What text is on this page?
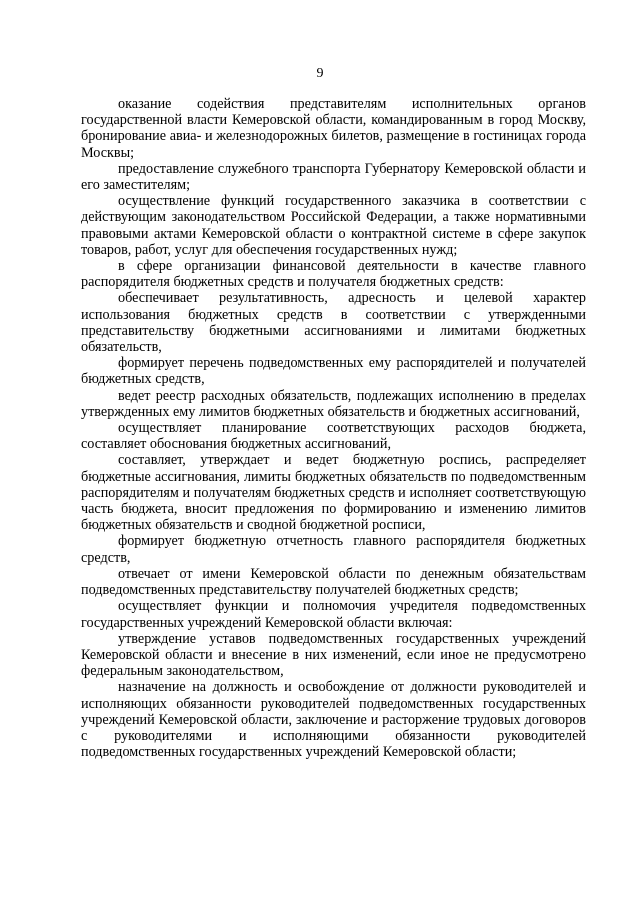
9

оказание содействия представителям исполнительных органов государственной власти Кемеровской области, командированным в город Москву, бронирование авиа- и железнодорожных билетов, размещение в гостиницах города Москвы;

предоставление служебного транспорта Губернатору Кемеровской области и его заместителям;

осуществление функций государственного заказчика в соответствии с действующим законодательством Российской Федерации, а также нормативными правовыми актами Кемеровской области о контрактной системе в сфере закупок товаров, работ, услуг для обеспечения государственных нужд;

в сфере организации финансовой деятельности в качестве главного распорядителя бюджетных средств и получателя бюджетных средств:

обеспечивает результативность, адресность и целевой характер использования бюджетных средств в соответствии с утвержденными представительству бюджетными ассигнованиями и лимитами бюджетных обязательств,

формирует перечень подведомственных ему распорядителей и получателей бюджетных средств,

ведет реестр расходных обязательств, подлежащих исполнению в пределах утвержденных ему лимитов бюджетных обязательств и бюджетных ассигнований,

осуществляет планирование соответствующих расходов бюджета, составляет обоснования бюджетных ассигнований,

составляет, утверждает и ведет бюджетную роспись, распределяет бюджетные ассигнования, лимиты бюджетных обязательств по подведомственным распорядителям и получателям бюджетных средств и исполняет соответствующую часть бюджета, вносит предложения по формированию и изменению лимитов бюджетных обязательств и сводной бюджетной росписи,

формирует бюджетную отчетность главного распорядителя бюджетных средств,

отвечает от имени Кемеровской области по денежным обязательствам подведомственных представительству получателей бюджетных средств;

осуществляет функции и полномочия учредителя подведомственных государственных учреждений Кемеровской области включая:

утверждение уставов подведомственных государственных учреждений Кемеровской области и внесение в них изменений, если иное не предусмотрено федеральным законодательством,

назначение на должность и освобождение от должности руководителей и исполняющих обязанности руководителей подведомственных государственных учреждений Кемеровской области, заключение и расторжение трудовых договоров с руководителями и исполняющими обязанности руководителей подведомственных государственных учреждений Кемеровской области;
